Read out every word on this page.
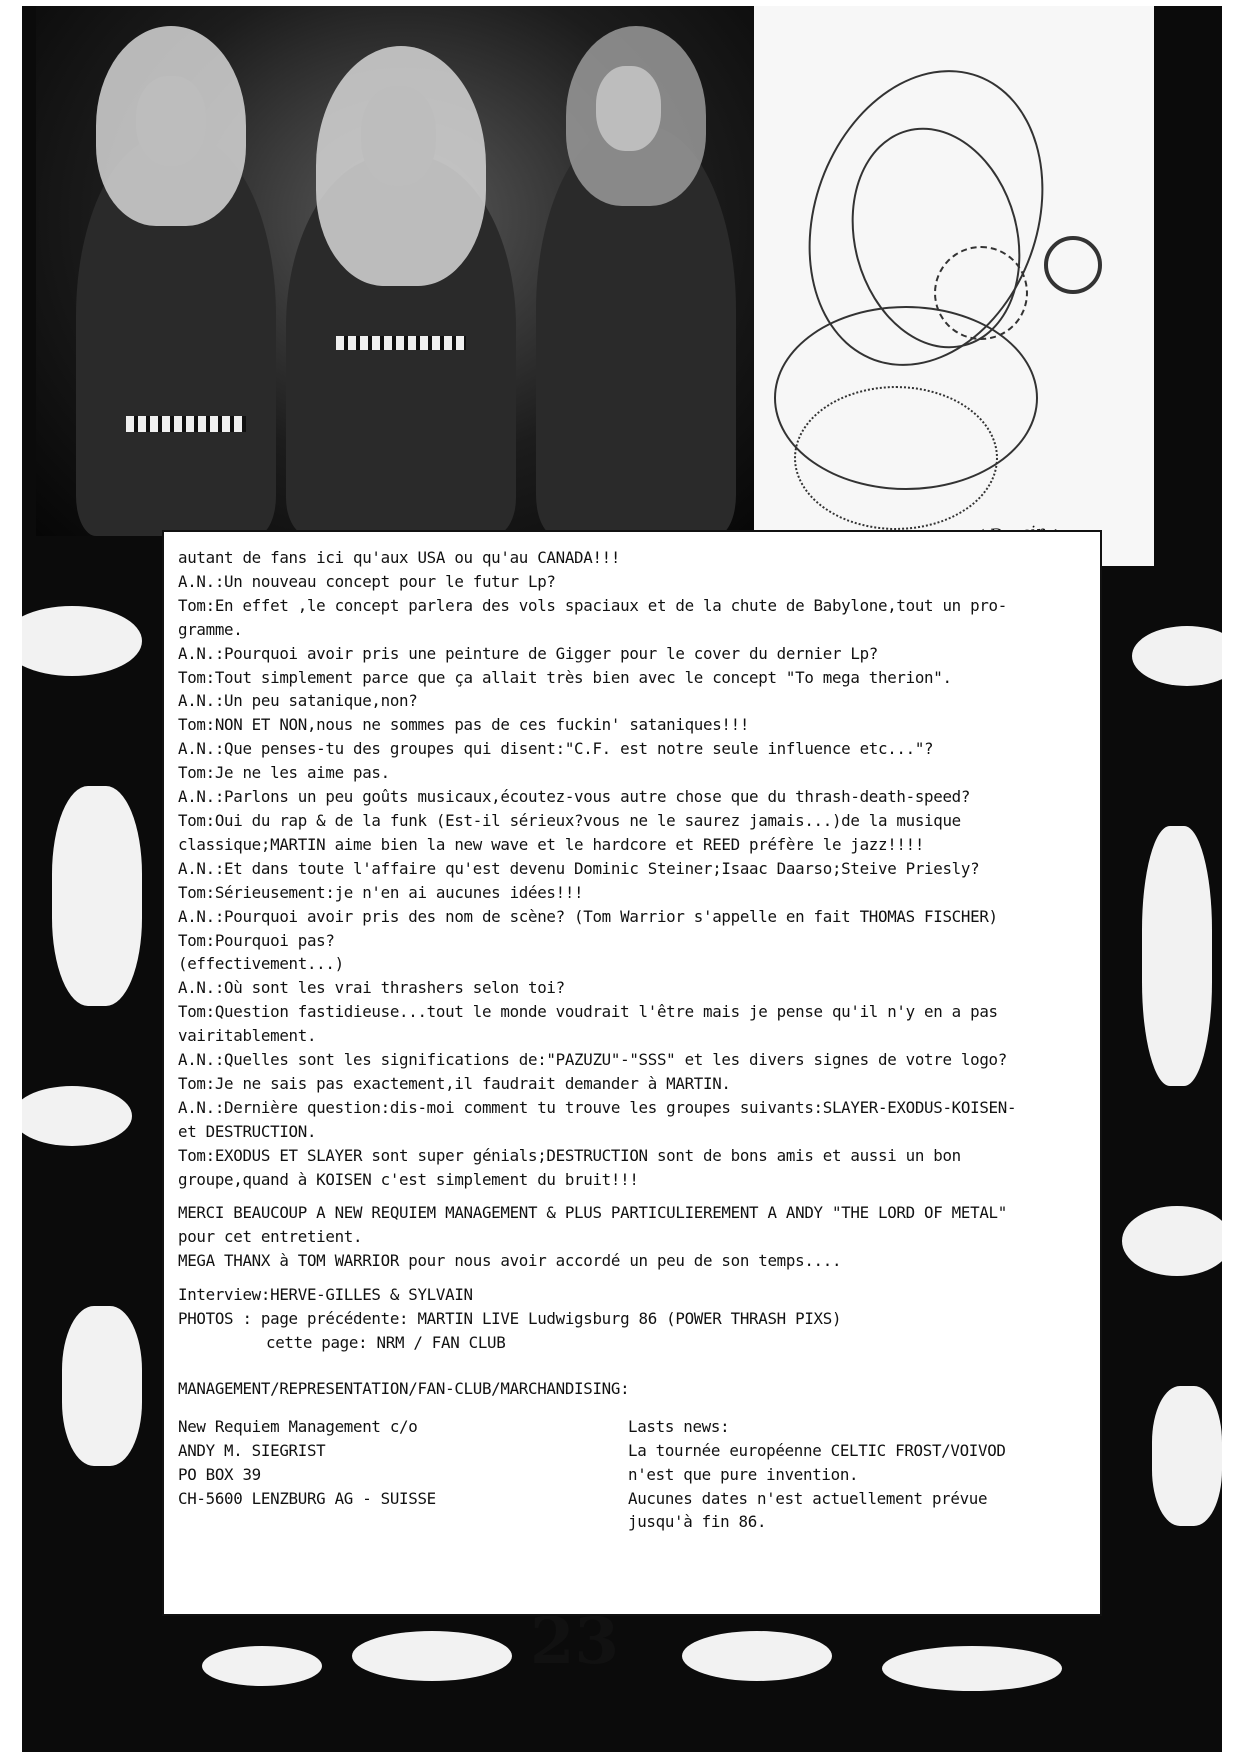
autant de fans ici qu'aux USA ou qu'au CANADA!!!
A.N.:Un nouveau concept pour le futur Lp?
Tom:En effet ,le concept parlera des vols spaciaux et de la chute de Babylone,tout un pro-
gramme.
A.N.:Pourquoi avoir pris une peinture de Gigger pour le cover du dernier Lp?
Tom:Tout simplement parce que ça allait très bien avec le concept "To mega therion".
A.N.:Un peu satanique,non?
Tom:NON ET NON,nous ne sommes pas de ces fuckin' sataniques!!!
A.N.:Que penses-tu des groupes qui disent:"C.F. est notre seule influence etc..."?
Tom:Je ne les aime pas.
A.N.:Parlons un peu goûts musicaux,écoutez-vous autre chose que du thrash-death-speed?
Tom:Oui du rap & de la funk (Est-il sérieux?vous ne le saurez jamais...)de la musique
classique;MARTIN aime bien la new wave et le hardcore et REED préfère le jazz!!!!
A.N.:Et dans toute l'affaire qu'est devenu Dominic Steiner;Isaac Daarso;Steive Priesly?
Tom:Sérieusement:je n'en ai aucunes idées!!!
A.N.:Pourquoi avoir pris des nom de scène? (Tom Warrior s'appelle en fait THOMAS FISCHER)
Tom:Pourquoi pas?
(effectivement...)
A.N.:Où sont les vrai thrashers selon toi?
Tom:Question fastidieuse...tout le monde voudrait l'être mais je pense qu'il n'y en a pas
vairitablement.
A.N.:Quelles sont les significations de:"PAZUZU"-"SSS" et les divers signes de votre logo?
Tom:Je ne sais pas exactement,il faudrait demander à MARTIN.
A.N.:Dernière question:dis-moi comment tu trouve les groupes suivants:SLAYER-EXODUS-KOISEN-
et DESTRUCTION.
Tom:EXODUS ET SLAYER sont super génials;DESTRUCTION sont de bons amis et aussi un bon
groupe,quand à KOISEN c'est simplement du bruit!!!
MERCI BEAUCOUP A NEW REQUIEM MANAGEMENT & PLUS PARTICULIEREMENT A ANDY "THE LORD OF METAL"
pour cet entretient.
MEGA THANX à TOM WARRIOR pour nous avoir accordé un peu de son temps....
Interview:HERVE-GILLES & SYLVAIN
PHOTOS : page précédente: MARTIN LIVE Ludwigsburg 86 (POWER THRASH PIXS)
cette page: NRM / FAN CLUB
MANAGEMENT/REPRESENTATION/FAN-CLUB/MARCHANDISING:
New Requiem Management c/o
ANDY M. SIEGRIST
PO BOX 39
CH-5600 LENZBURG AG - SUISSE
Lasts news:
La tournée européenne CELTIC FROST/VOIVOD
n'est que pure invention.
Aucunes dates n'est actuellement prévue
jusqu'à fin 86.
23
